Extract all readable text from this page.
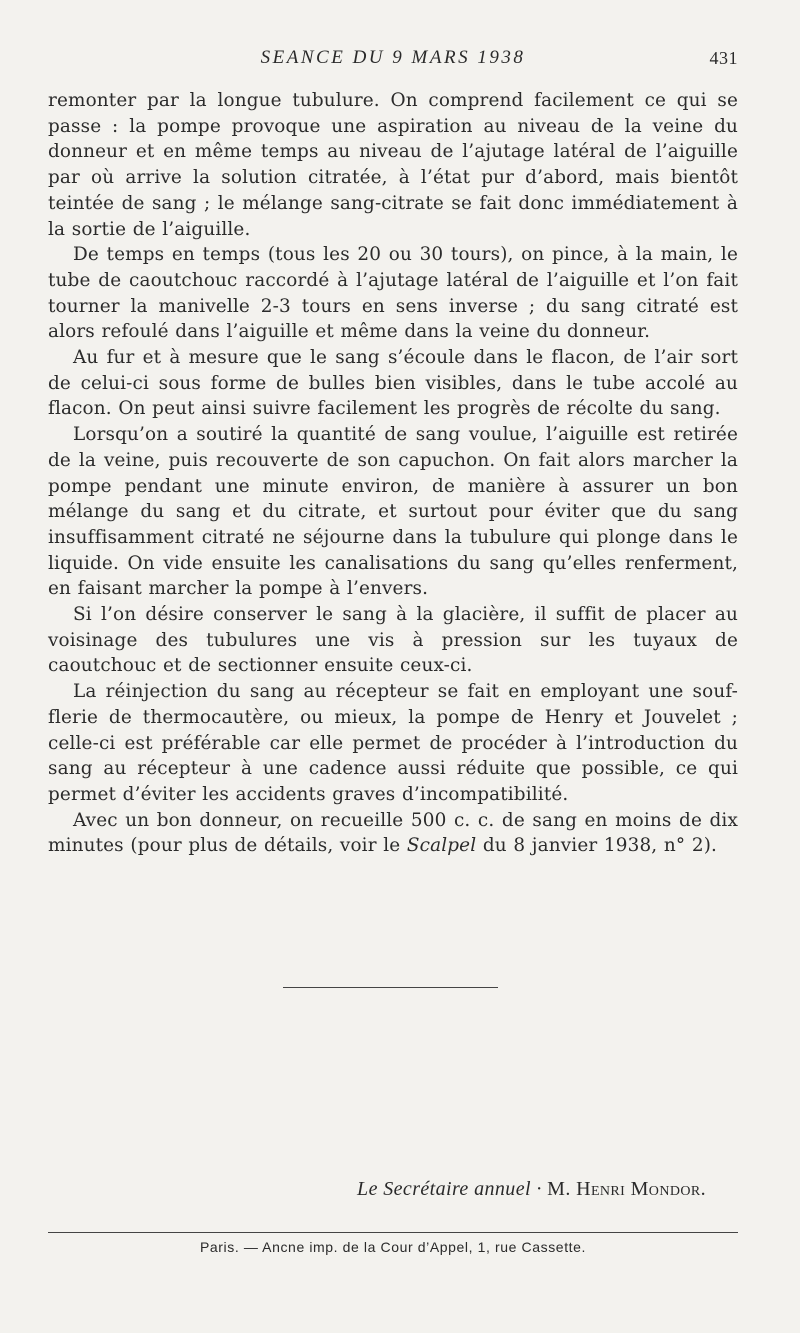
SEANCE DU 9 MARS 1938	431

remonter par la longue tubulure. On comprend facilement ce qui se passe : la pompe provoque une aspiration au niveau de la veine du donneur et en même temps au niveau de l’ajutage latéral de l’aiguille par où arrive la solution citratée, à l’état pur d’abord, mais bientôt teintée de sang ; le mélange sang-citrate se fait donc immédiatement à la sortie de l’aiguille.

De temps en temps (tous les 20 ou 30 tours), on pince, à la main, le tube de caoutchouc raccordé à l’ajutage latéral de l’aiguille et l’on fait tourner la manivelle 2-3 tours en sens inverse ; du sang citraté est alors refoulé dans l’aiguille et même dans la veine du donneur.

Au fur et à mesure que le sang s’écoule dans le flacon, de l’air sort de celui-ci sous forme de bulles bien visibles, dans le tube accolé au flacon. On peut ainsi suivre facilement les progrès de récolte du sang.

Lorsqu’on a soutiré la quantité de sang voulue, l’aiguille est retirée de la veine, puis recouverte de son capuchon. On fait alors marcher la pompe pendant une minute environ, de manière à assurer un bon mélange du sang et du citrate, et surtout pour éviter que du sang insuffisamment citraté ne séjourne dans la tubulure qui plonge dans le liquide. On vide ensuite les canalisations du sang qu’elles renferment, en faisant marcher la pompe à l’envers.

Si l’on désire conserver le sang à la glacière, il suffit de placer au voisinage des tubulures une vis à pression sur les tuyaux de caoutchouc et de sectionner ensuite ceux-ci.

La réinjection du sang au récepteur se fait en employant une souf-flerie de thermocautère, ou mieux, la pompe de Henry et Jouvelet ; celle-ci est préférable car elle permet de procéder à l’introduction du sang au récepteur à une cadence aussi réduite que possible, ce qui permet d’éviter les accidents graves d’incompatibilité.

Avec un bon donneur, on recueille 500 c. c. de sang en moins de dix minutes (pour plus de détails, voir le Scalpel du 8 janvier 1938, n° 2).

Le Secrétaire annuel · M. Henri Mondor.
Paris. — Ancne imp. de la Cour d’Appel, 1, rue Cassette.
